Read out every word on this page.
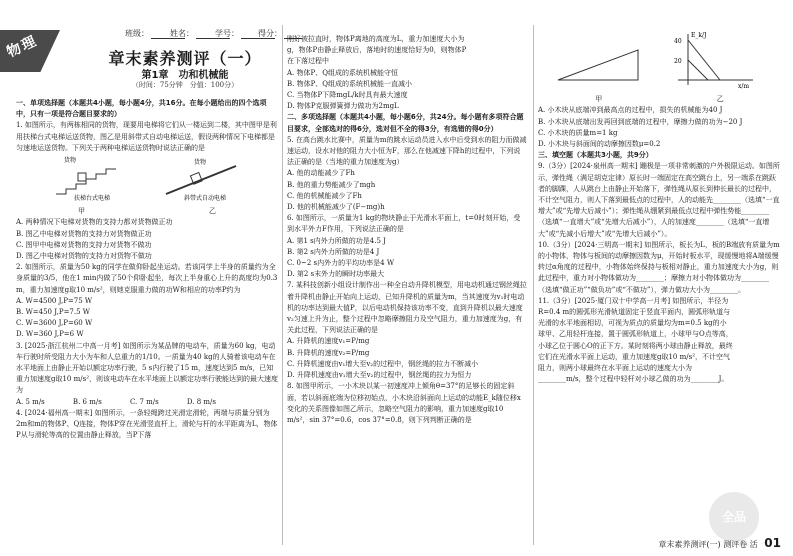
物理	班级：	姓名：	学号：	得分：
章末素养测评（一）
第1章　功和机械能
（时间：75分钟　分值：100分）

一、单项选择题（本题共4小题，每小题4分，共16分。在每小题给出的四个选项中，只有一项是符合题目要求的）

1. 如图所示，有两栋相同的货物，现要用电梯将它们从一楼运到二楼，其中图甲是利用扶梯台式电梯运送货物，图乙是用斜带式自动电梯运送，假设两种情况下电梯都是匀速地运送货物。下列关于两种电梯运送货物时说法正确的是

货物
扶梯台式电梯
货物
斜带式自动电梯

甲	乙

A. 两种情况下电梯对货物的支持力都对货物做正功
B. 图乙中电梯对货物的支持力对货物做正功
C. 图甲中电梯对货物的支持力对货物不做功
D. 图乙中电梯对货物的支持力对货物不做功

2. 如图所示，质量为50 kg的同学在做仰卧起坐运动。若该同学上半身的质量约为全身质量的3/5，他在1 min内做了50个仰卧起坐，每次上半身重心上升的高度均为0.3 m，重力加速度g取10 m/s²，则她克服重力做的功W和相应的功率P约为

A. W=4500 J,P=75 W
B. W=450 J,P=7.5 W
C. W=3600 J,P=60 W
D. W=360 J,P=6 W

3. [2025·浙江杭州二中高一月考] 如图所示为某品牌的电动车，质量为60 kg，电动车行驶时所受阻力大小为车和人总重力的1/10。一质量为40 kg的人骑着该电动车在水平地面上由静止开始以额定功率行驶，5 s内行驶了15 m，速度达到5 m/s，已知重力加速度g取10 m/s²，则该电动车在水平地面上以额定功率行驶能达到的最大速度为

A. 5 m/s	B. 6 m/s	C. 7 m/s	D. 8 m/s

4. [2024·福州高一期末] 如图所示，一条轻绳跨过光滑定滑轮，两端与质量分别为2m和m的物体P、Q连接，物体P穿在光滑竖直杆上，滑轮与杆的水平距离为L，物体P从与滑轮等高的位置由静止释放，当P下落

刚好被拉直时，物体P离地的高度为L，重力加速度大小为g，物体P由静止释放后，落地时的速度恰好为0，则物体P在下落过程中

A. 物体P、Q组成的系统机械能守恒
B. 物体P、Q组成的系统机械能一直减小
C. 当物体P下降mgL/k时具有最大速度
D. 物体P克服弹簧弹力做功为2mgL

二、多项选择题（本题共4小题，每小题6分，共24分。每小题有多项符合题目要求，全部选对的得6分，选对但不全的得3分，有选错的得0分）

5. 在高台跳水比赛中，质量为m的跳水运动员进入水中后受到水的阻力而做减速运动，设水对他的阻力大小恒为F，那么在他减速下降h的过程中，下列说法正确的是（当地的重力加速度为g）

A. 他的动能减少了Fh
B. 他的重力势能减少了mgh
C. 他的机械能减少了Fh
D. 他的机械能减少了(F−mg)h

6. 如图所示，一质量为1 kg的物块静止于光滑水平面上，t=0时刻开始，受到水平外力F作用，下列说法正确的是

A. 第1 s内外力所做的功是4.5 J
B. 第2 s内外力所做的功是4 J
C. 0~2 s内外力的平均功率是4 W
D. 第2 s末外力的瞬时功率最大

7. 某科技创新小组设计制作出一种全自动升降机模型，用电动机通过钢丝绳拉着升降机由静止开始向上运动，已知升降机的质量为m，当其速度为v₁时电动机的功率达到最大值P，以后电动机保持该功率不变，直到升降机以最大速度v₂匀速上升为止，整个过程中忽略摩擦阻力及空气阻力，重力加速度为g，有关此过程，下列说法正确的是

A. 升降机的速度v₁=P/mg
B. 升降机的速度v₂=P/mg
C. 升降机速度由v₁增大至v₂的过程中，钢丝绳的拉力不断减小
D. 升降机速度由v₁增大至v₂的过程中，钢丝绳的拉力为恒力

8. 如图甲所示，一小木块以某一初速度冲上倾角θ=37°的足够长的固定斜面，若以斜面底端为位移初始点，小木块沿斜面向上运动的动能E_k随位移x变化的关系图像如图乙所示，忽略空气阻力的影响，重力加速度g取10 m/s²，sin 37°=0.6，cos 37°=0.8，则下列判断正确的是

40
20
E_k/J
x/m

甲	乙

A. 小木块从底端冲到最高点的过程中，损失的机械能为40 J
B. 小木块从底端出发再回到底端的过程中，摩擦力做的功为−20 J
C. 小木块的质量m=1 kg
D. 小木块与斜面间的动摩擦因数μ=0.2

三、填空题（本题共3小题，共9分）

9.（3分）[2024·泉州高一期末] 蹦极是一项非常刺激的户外极限运动。如图所示，弹性绳（满足胡克定律）原长时一端固定在高空跳台上，另一端系在跳跃者的脚踝，人从跳台上由静止开始落下，弹性绳从原长到伸长最长的过程中，不计空气阻力，则人下落到最低点的过程中，人的动能先________（选填“一直增大”或“先增大后减小”）；弹性绳从绷紧到最低点过程中弹性势能________（选填“一直增大”或“先增大后减小”），人的加速度________（选填“一直增大”或“先减小后增大”或“先增大后减小”）。

10.（3分）[2024·三明高一期末] 如图所示，板长为L，板的B端放有质量为m的小物体，物体与板间的动摩擦因数为μ，开始时板水平，现缓慢地将A端缓慢转过α角度的过程中，小物体始终保持与板相对静止，重力加速度大小为g，则此过程中，重力对小物体做功为________；摩擦力对小物体做功为________（选填“做正功”“做负功”或“不做功”），弹力做功大小为________。

11.（3分）[2025·厦门双十中学高一月考] 如图所示，半径为R=0.4 m的圆弧形光滑轨道固定于竖直平面内，圆弧形轨道与光滑的水平地面相切，可视为质点的质量均为m=0.5 kg的小球甲、乙用轻杆连接，置于圆弧形轨道上，小球甲与O点等高，小球乙位于圆心O的正下方。某时刻将两小球由静止释放，最终它们在光滑水平面上运动，重力加速度g取10 m/s²，不计空气阻力，则两小球最终在水平面上运动的速度大小为________m/s，整个过程中轻杆对小球乙做的功为________J。

全品
章末素养测评(一) 测评卷 活 01
